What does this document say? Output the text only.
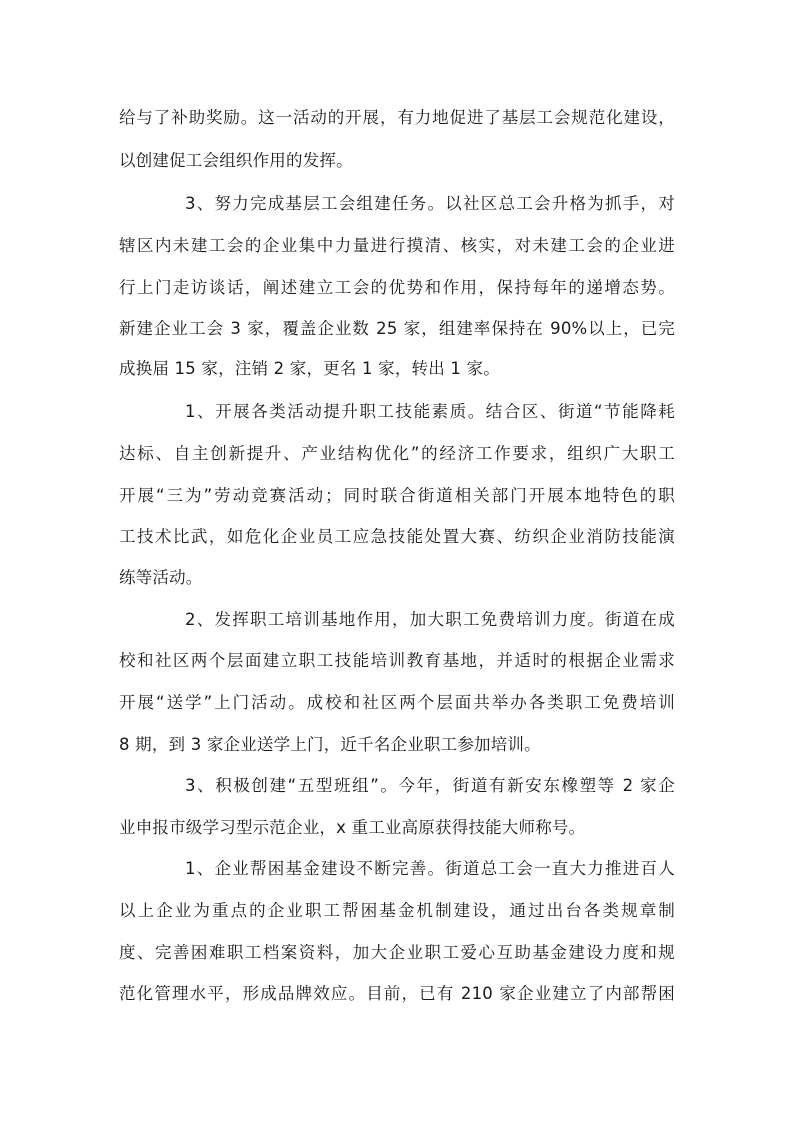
给与了补助奖励。这一活动的开展，有力地促进了基层工会规范化建设，
以创建促工会组织作用的发挥。
3、努力完成基层工会组建任务。以社区总工会升格为抓手，对
辖区内未建工会的企业集中力量进行摸清、核实，对未建工会的企业进
行上门走访谈话，阐述建立工会的优势和作用，保持每年的递增态势。
新建企业工会 3 家，覆盖企业数 25 家，组建率保持在 90%以上，已完
成换届 15 家，注销 2 家，更名 1 家，转出 1 家。
1、开展各类活动提升职工技能素质。结合区、街道“节能降耗
达标、自主创新提升、产业结构优化”的经济工作要求，组织广大职工
开展“三为”劳动竞赛活动；同时联合街道相关部门开展本地特色的职
工技术比武，如危化企业员工应急技能处置大赛、纺织企业消防技能演
练等活动。
2、发挥职工培训基地作用，加大职工免费培训力度。街道在成
校和社区两个层面建立职工技能培训教育基地，并适时的根据企业需求
开展“送学”上门活动。成校和社区两个层面共举办各类职工免费培训
8 期，到 3 家企业送学上门，近千名企业职工参加培训。
3、积极创建“五型班组”。今年，街道有新安东橡塑等 2 家企
业申报市级学习型示范企业，x 重工业高原获得技能大师称号。
1、企业帮困基金建设不断完善。街道总工会一直大力推进百人
以上企业为重点的企业职工帮困基金机制建设，通过出台各类规章制
度、完善困难职工档案资料，加大企业职工爱心互助基金建设力度和规
范化管理水平，形成品牌效应。目前，已有 210 家企业建立了内部帮困
